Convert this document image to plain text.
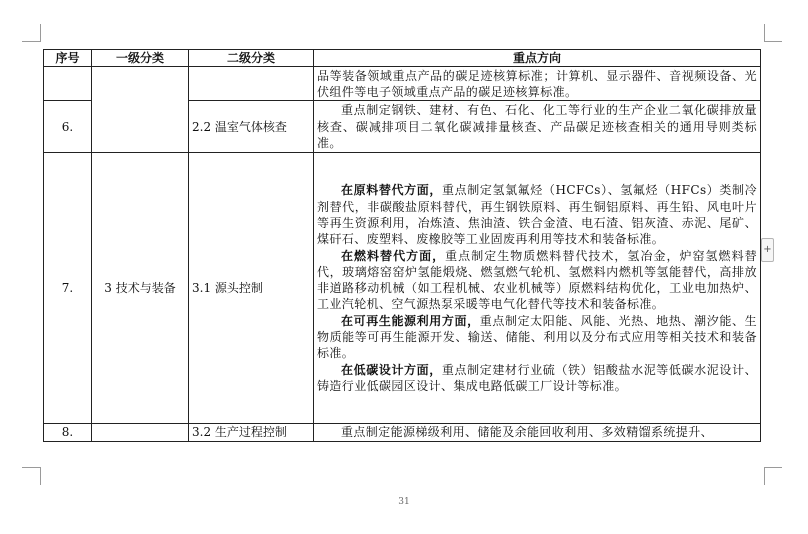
序号	一级分类	二级分类	重点方向
			品等装备领域重点产品的碳足迹核算标准；计算机、显示器件、音视频设备、光伏组件等电子领域重点产品的碳足迹核算标准。
6.		2.2 温室气体核查	重点制定钢铁、建材、有色、石化、化工等行业的生产企业二氧化碳排放量核查、碳减排项目二氧化碳减排量核查、产品碳足迹核查相关的通用导则类标准。
7.	3 技术与装备	3.1 源头控制	在原料替代方面，重点制定氢氯氟烃（HCFCs）、氢氟烃（HFCs）类制冷剂替代，非碳酸盐原料替代，再生钢铁原料、再生铜铝原料、再生铅、风电叶片等再生资源利用，冶炼渣、焦油渣、铁合金渣、电石渣、铝灰渣、赤泥、尾矿、煤矸石、废塑料、废橡胶等工业固废再利用等技术和装备标准。
在燃料替代方面，重点制定生物质燃料替代技术，氢冶金，炉窑氢燃料替代，玻璃熔窑窑炉氢能煅烧、燃氢燃气轮机、氢燃料内燃机等氢能替代，高排放非道路移动机械（如工程机械、农业机械等）原燃料结构优化，工业电加热炉、工业汽轮机、空气源热泵采暖等电气化替代等技术和装备标准。
在可再生能源利用方面，重点制定太阳能、风能、光热、地热、潮汐能、生物质能等可再生能源开发、输送、储能、利用以及分布式应用等相关技术和装备标准。
在低碳设计方面，重点制定建材行业硫（铁）铝酸盐水泥等低碳水泥设计、铸造行业低碳园区设计、集成电路低碳工厂设计等标准。

8.		3.2 生产过程控制	重点制定能源梯级利用、储能及余能回收利用、多效精馏系统提升、
+
31
